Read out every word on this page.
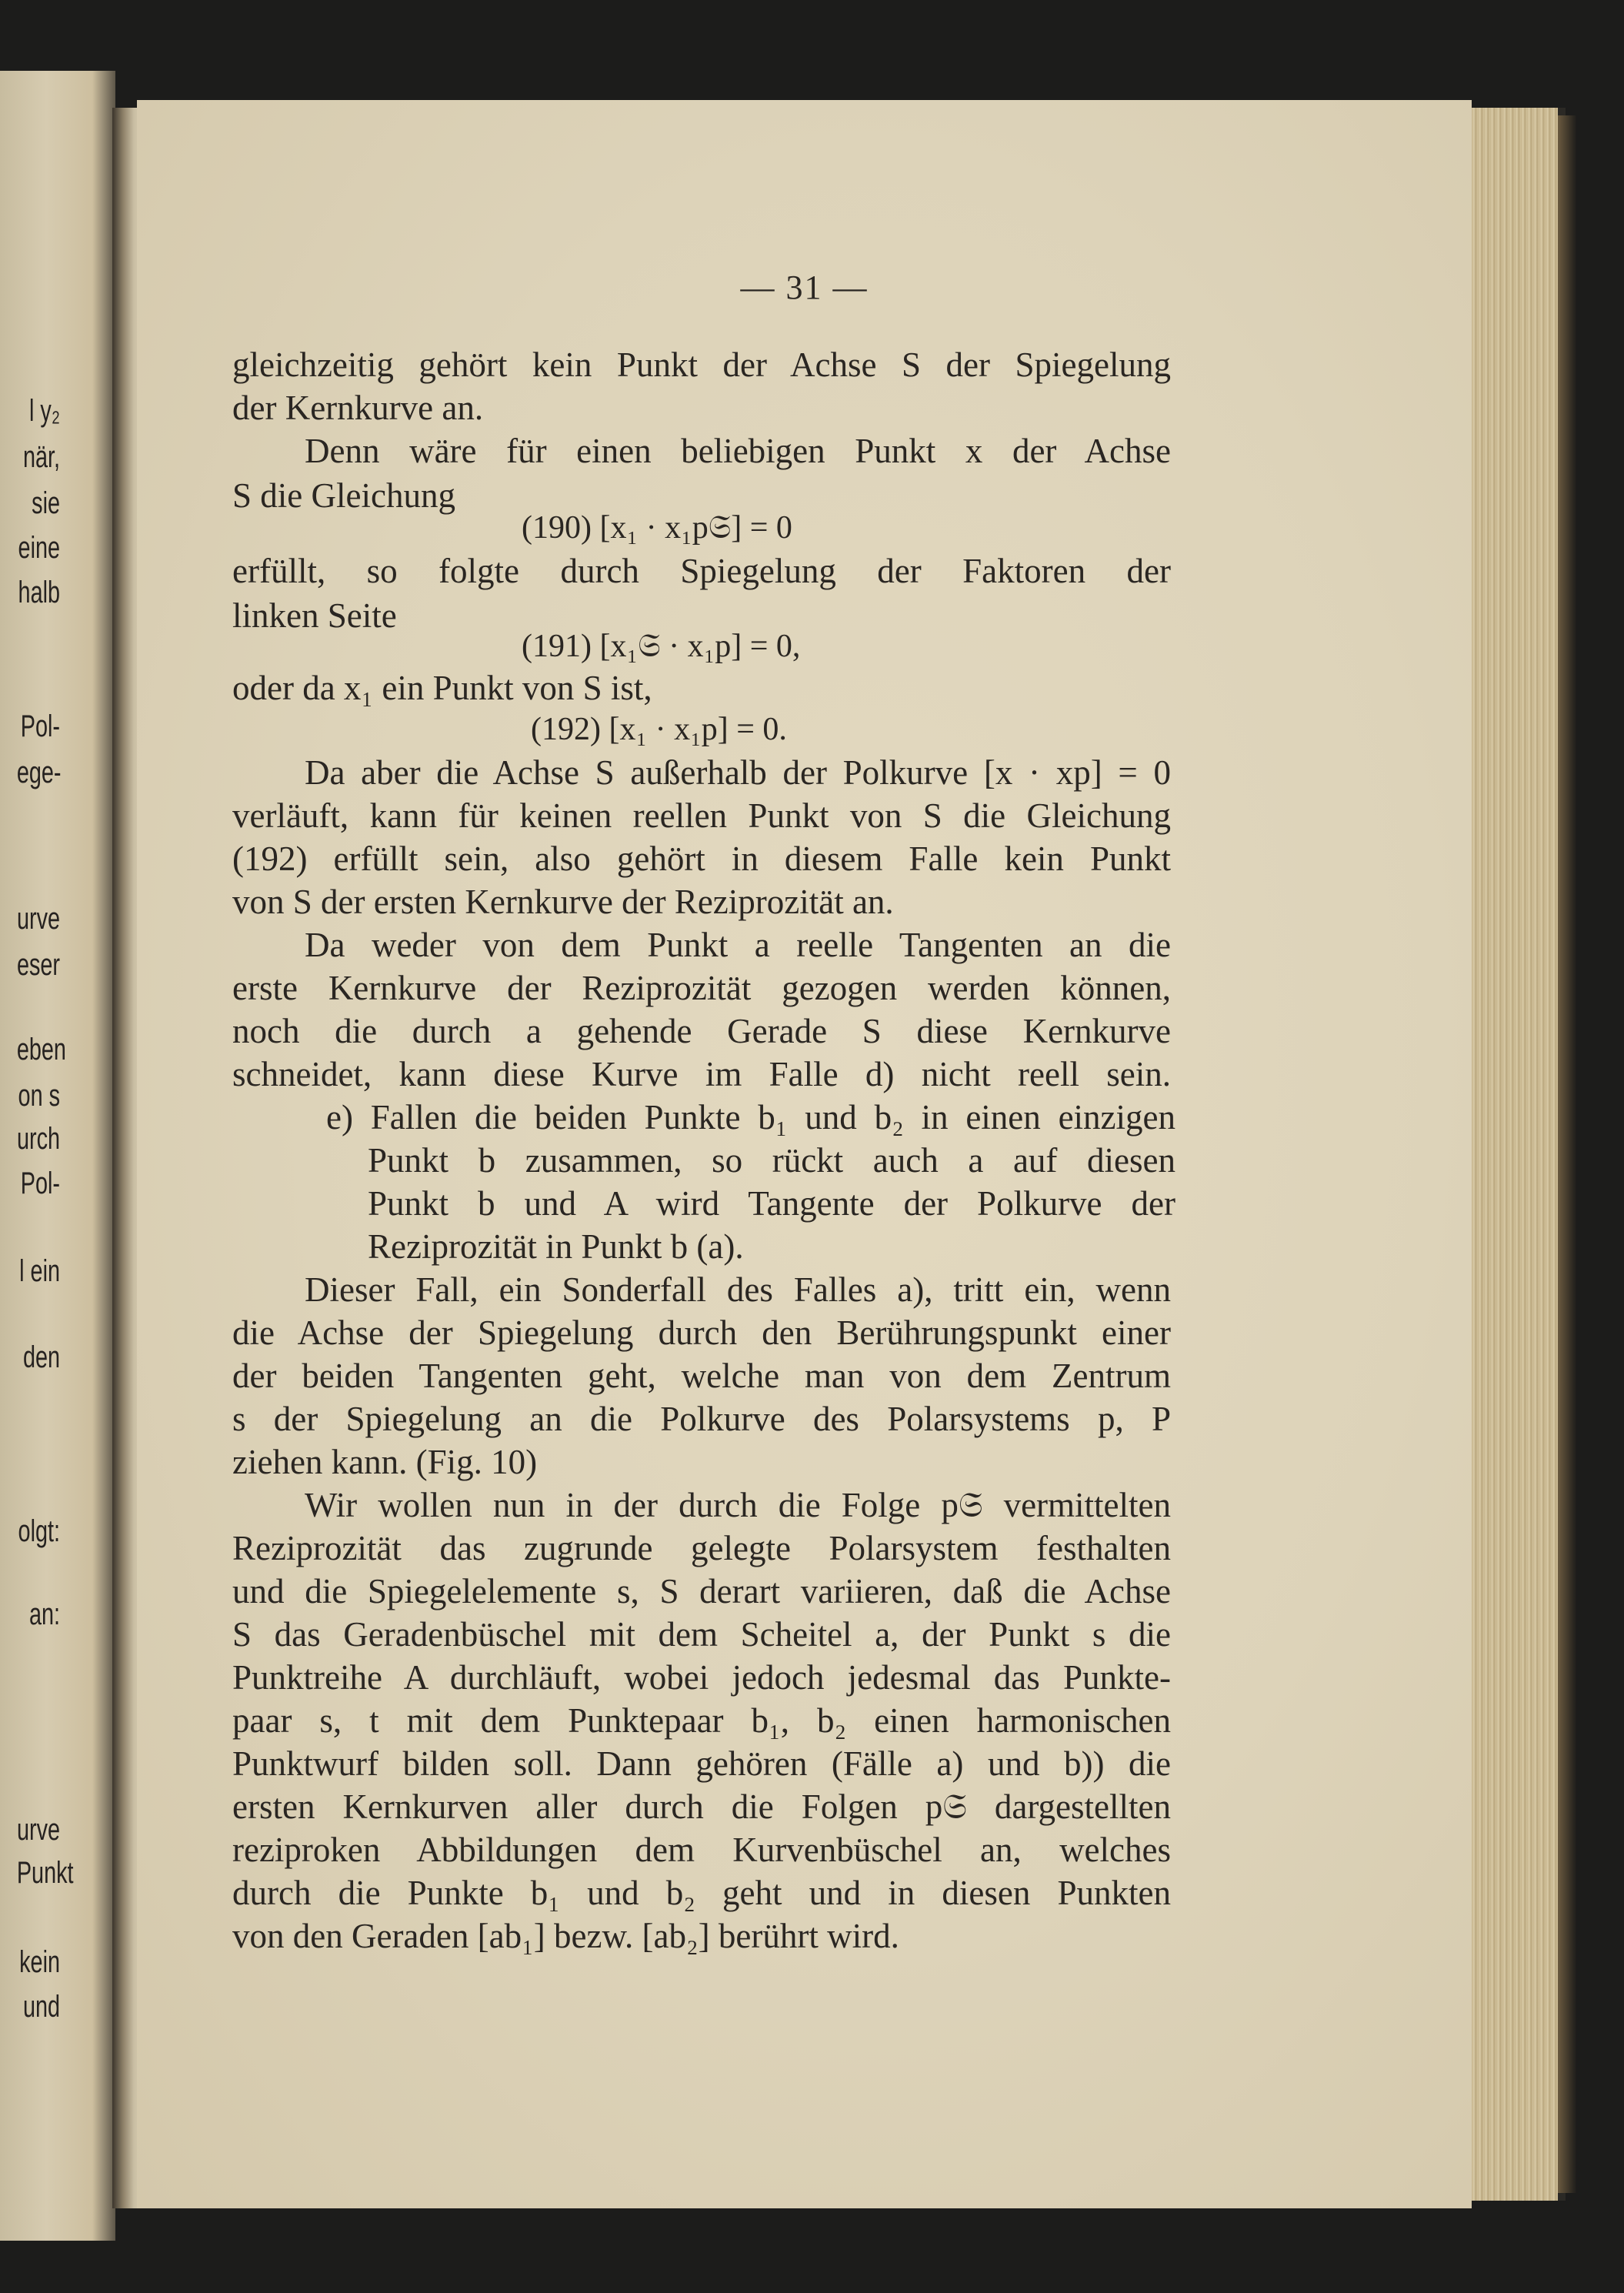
l y₂
när,
sie
eine
halb
Pol-
ege-
urve
eser
eben
on s
urch
Pol-
l ein
den
olgt:
an:
urve
Punkt
kein
und
— 31 —
gleichzeitig gehört kein Punkt der Achse S der Spiegelung
der Kernkurve an.
Denn wäre für einen beliebigen Punkt x der Achse
S die Gleichung
(190) [x₁ · x₁p𝔖] = 0
erfüllt, so folgte durch Spiegelung der Faktoren der
linken Seite
(191) [x₁𝔖 · x₁p] = 0,
oder da x₁ ein Punkt von S ist,
(192) [x₁ · x₁p] = 0.
Da aber die Achse S außerhalb der Polkurve [x · xp] = 0
verläuft, kann für keinen reellen Punkt von S die Gleichung
(192) erfüllt sein, also gehört in diesem Falle kein Punkt
von S der ersten Kernkurve der Reziprozität an.
Da weder von dem Punkt a reelle Tangenten an die
erste Kernkurve der Reziprozität gezogen werden können,
noch die durch a gehende Gerade S diese Kernkurve
schneidet, kann diese Kurve im Falle d) nicht reell sein.
e) Fallen die beiden Punkte b₁ und b₂ in einen einzigen
Punkt b zusammen, so rückt auch a auf diesen
Punkt b und A wird Tangente der Polkurve der
Reziprozität in Punkt b (a).
Dieser Fall, ein Sonderfall des Falles a), tritt ein, wenn
die Achse der Spiegelung durch den Berührungspunkt einer
der beiden Tangenten geht, welche man von dem Zentrum
s der Spiegelung an die Polkurve des Polarsystems p, P
ziehen kann. (Fig. 10)
Wir wollen nun in der durch die Folge p𝔖 vermittelten
Reziprozität das zugrunde gelegte Polarsystem festhalten
und die Spiegelelemente s, S derart variieren, daß die Achse
S das Geradenbüschel mit dem Scheitel a, der Punkt s die
Punktreihe A durchläuft, wobei jedoch jedesmal das Punkte-
paar s, t mit dem Punktepaar b₁, b₂ einen harmonischen
Punktwurf bilden soll. Dann gehören (Fälle a) und b)) die
ersten Kernkurven aller durch die Folgen p𝔖 dargestellten
reziproken Abbildungen dem Kurvenbüschel an, welches
durch die Punkte b₁ und b₂ geht und in diesen Punkten
von den Geraden [ab₁] bezw. [ab₂] berührt wird.
